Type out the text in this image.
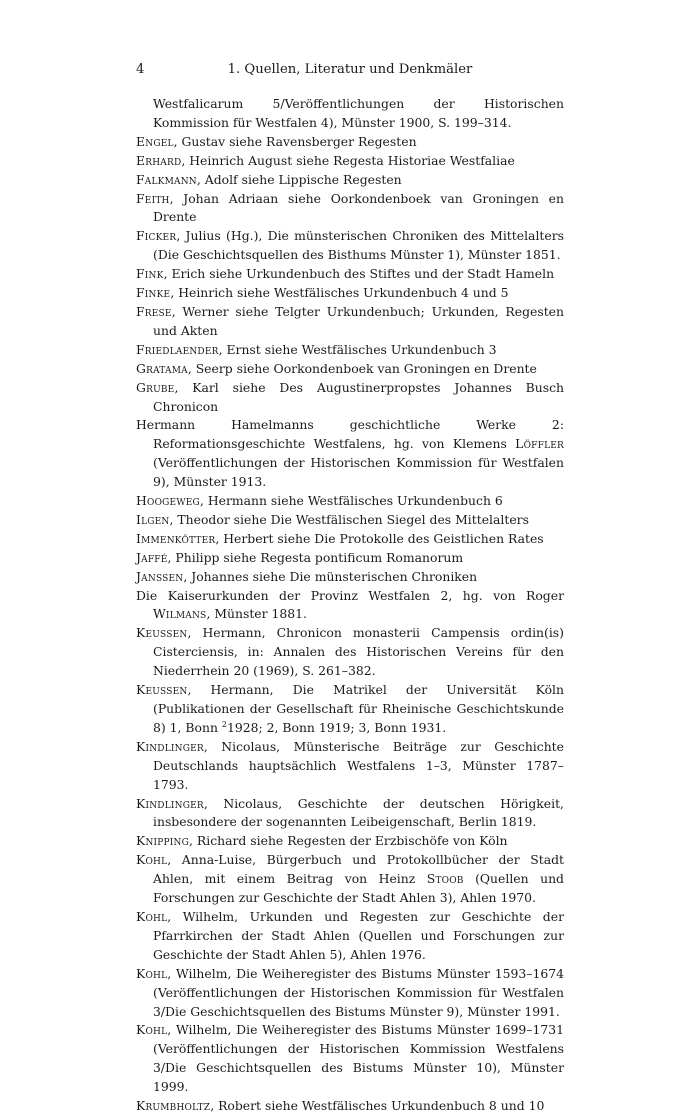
4	1. Quellen, Literatur und Denkmäler
Westfalicarum 5/Veröffentlichungen der Historischen Kommission für Westfalen 4), Münster 1900, S. 199–314.
Engel, Gustav siehe Ravensberger Regesten
Erhard, Heinrich August siehe Regesta Historiae Westfaliae
Falkmann, Adolf siehe Lippische Regesten
Feith, Johan Adriaan siehe Oorkondenboek van Groningen en Drente
Ficker, Julius (Hg.), Die münsterischen Chroniken des Mittelalters (Die Geschichtsquellen des Bisthums Münster 1), Münster 1851.
Fink, Erich siehe Urkundenbuch des Stiftes und der Stadt Hameln
Finke, Heinrich siehe Westfälisches Urkundenbuch 4 und 5
Frese, Werner siehe Telgter Urkundenbuch; Urkunden, Regesten und Akten
Friedlaender, Ernst siehe Westfälisches Urkundenbuch 3
Gratama, Seerp siehe Oorkondenboek van Groningen en Drente
Grube, Karl siehe Des Augustinerpropstes Johannes Busch Chronicon
Hermann Hamelmanns geschichtliche Werke 2: Reformationsgeschichte Westfalens, hg. von Klemens Löffler (Veröffentlichungen der Historischen Kommission für Westfalen 9), Münster 1913.
Hoogeweg, Hermann siehe Westfälisches Urkundenbuch 6
Ilgen, Theodor siehe Die Westfälischen Siegel des Mittelalters
Immenkötter, Herbert siehe Die Protokolle des Geistlichen Rates
Jaffé, Philipp siehe Regesta pontificum Romanorum
Janssen, Johannes siehe Die münsterischen Chroniken
Die Kaiserurkunden der Provinz Westfalen 2, hg. von Roger Wilmans, Münster 1881.
Keussen, Hermann, Chronicon monasterii Campensis ordin(is) Cisterciensis, in: Annalen des Historischen Vereins für den Niederrhein 20 (1969), S. 261–382.
Keussen, Hermann, Die Matrikel der Universität Köln (Publikationen der Gesellschaft für Rheinische Geschichtskunde 8) 1, Bonn $^2$1928; 2, Bonn 1919; 3, Bonn 1931.
Kindlinger, Nicolaus, Münsterische Beiträge zur Geschichte Deutschlands hauptsächlich Westfalens 1–3, Münster 1787–1793.
Kindlinger, Nicolaus, Geschichte der deutschen Hörigkeit, insbesondere der sogenannten Leibeigenschaft, Berlin 1819.
Knipping, Richard siehe Regesten der Erzbischöfe von Köln
Kohl, Anna-Luise, Bürgerbuch und Protokollbücher der Stadt Ahlen, mit einem Beitrag von Heinz Stoob (Quellen und Forschungen zur Geschichte der Stadt Ahlen 3), Ahlen 1970.
Kohl, Wilhelm, Urkunden und Regesten zur Geschichte der Pfarrkirchen der Stadt Ahlen (Quellen und Forschungen zur Geschichte der Stadt Ahlen 5), Ahlen 1976.
Kohl, Wilhelm, Die Weiheregister des Bistums Münster 1593–1674 (Veröffentlichungen der Historischen Kommission für Westfalen 3/Die Geschichtsquellen des Bistums Münster 9), Münster 1991.
Kohl, Wilhelm, Die Weiheregister des Bistums Münster 1699–1731 (Veröffentlichungen der Historischen Kommission Westfalens 3/Die Geschichtsquellen des Bistums Münster 10), Münster 1999.
Krumbholtz, Robert siehe Westfälisches Urkundenbuch 8 und 10
